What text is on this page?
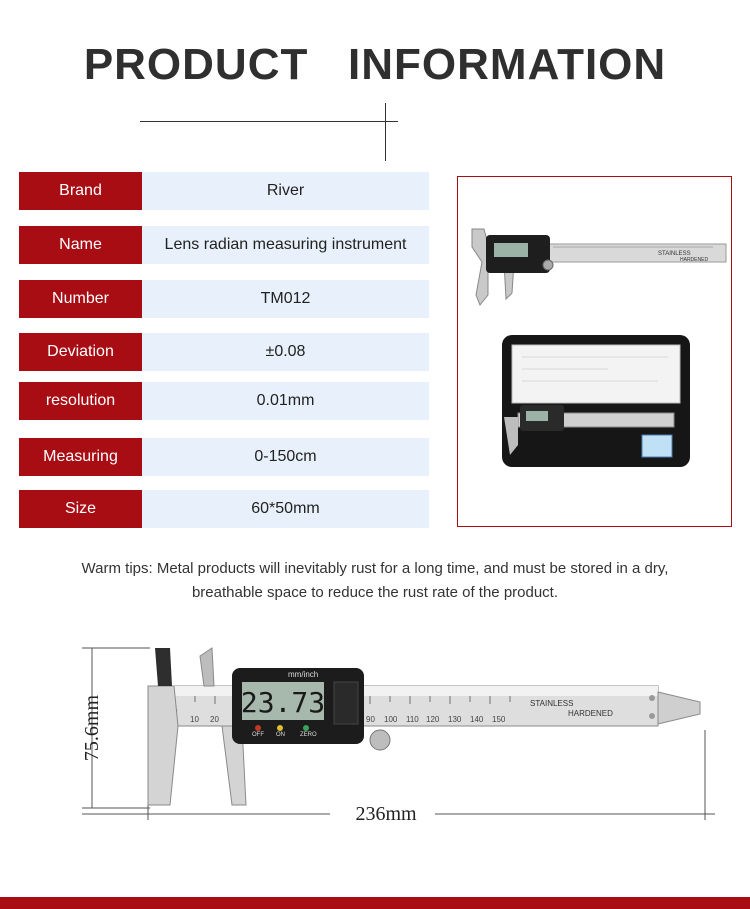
PRODUCT   INFORMATION
Brand	River
Name	Lens radian measuring instrument
Number	TM012
Deviation	±0.08
resolution	0.01mm
Measuring	0-150cm
Size	60*50mm
STAINLESS
HARDENED
Warm tips: Metal products will inevitably rust for a long time, and must be stored in a dry,
breathable space to reduce the rust rate of the product.
75.6mm
236mm
10 20	90 100 110 120 130 140 150
STAINLESS
HARDENED
23.73
mm/inch
OFF ON	ZERO
